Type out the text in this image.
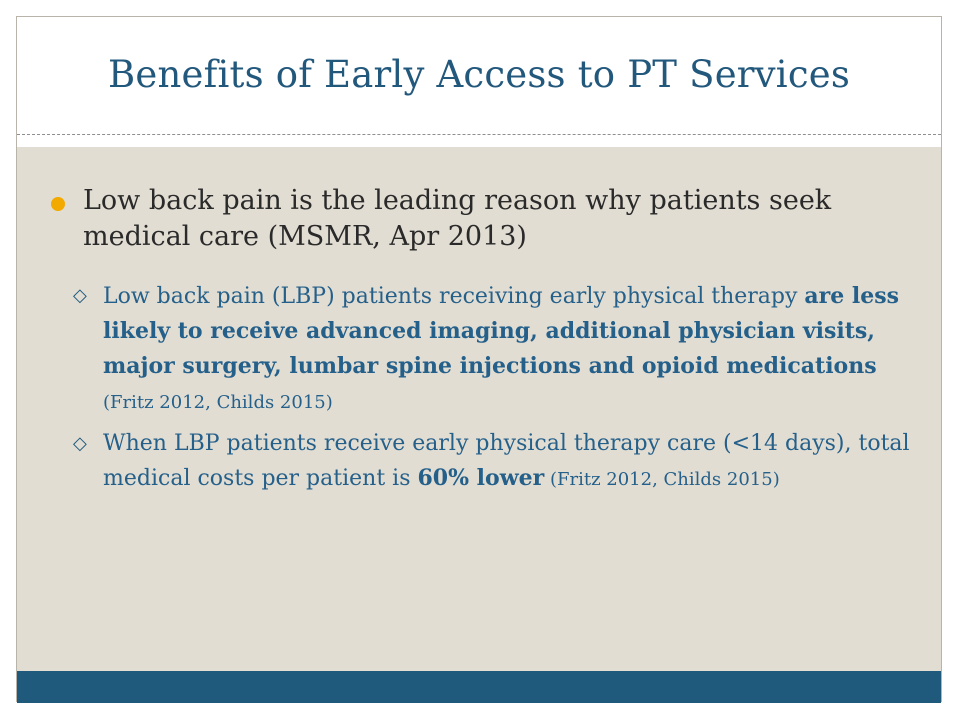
Benefits of Early Access to PT Services
Low back pain is the leading reason why patients seek medical care (MSMR, Apr 2013)
◇ Low back pain (LBP) patients receiving early physical therapy are less likely to receive advanced imaging, additional physician visits, major surgery, lumbar spine injections and opioid medications (Fritz 2012, Childs 2015)
◇ When LBP patients receive early physical therapy care (<14 days), total medical costs per patient is 60% lower (Fritz 2012, Childs 2015)
